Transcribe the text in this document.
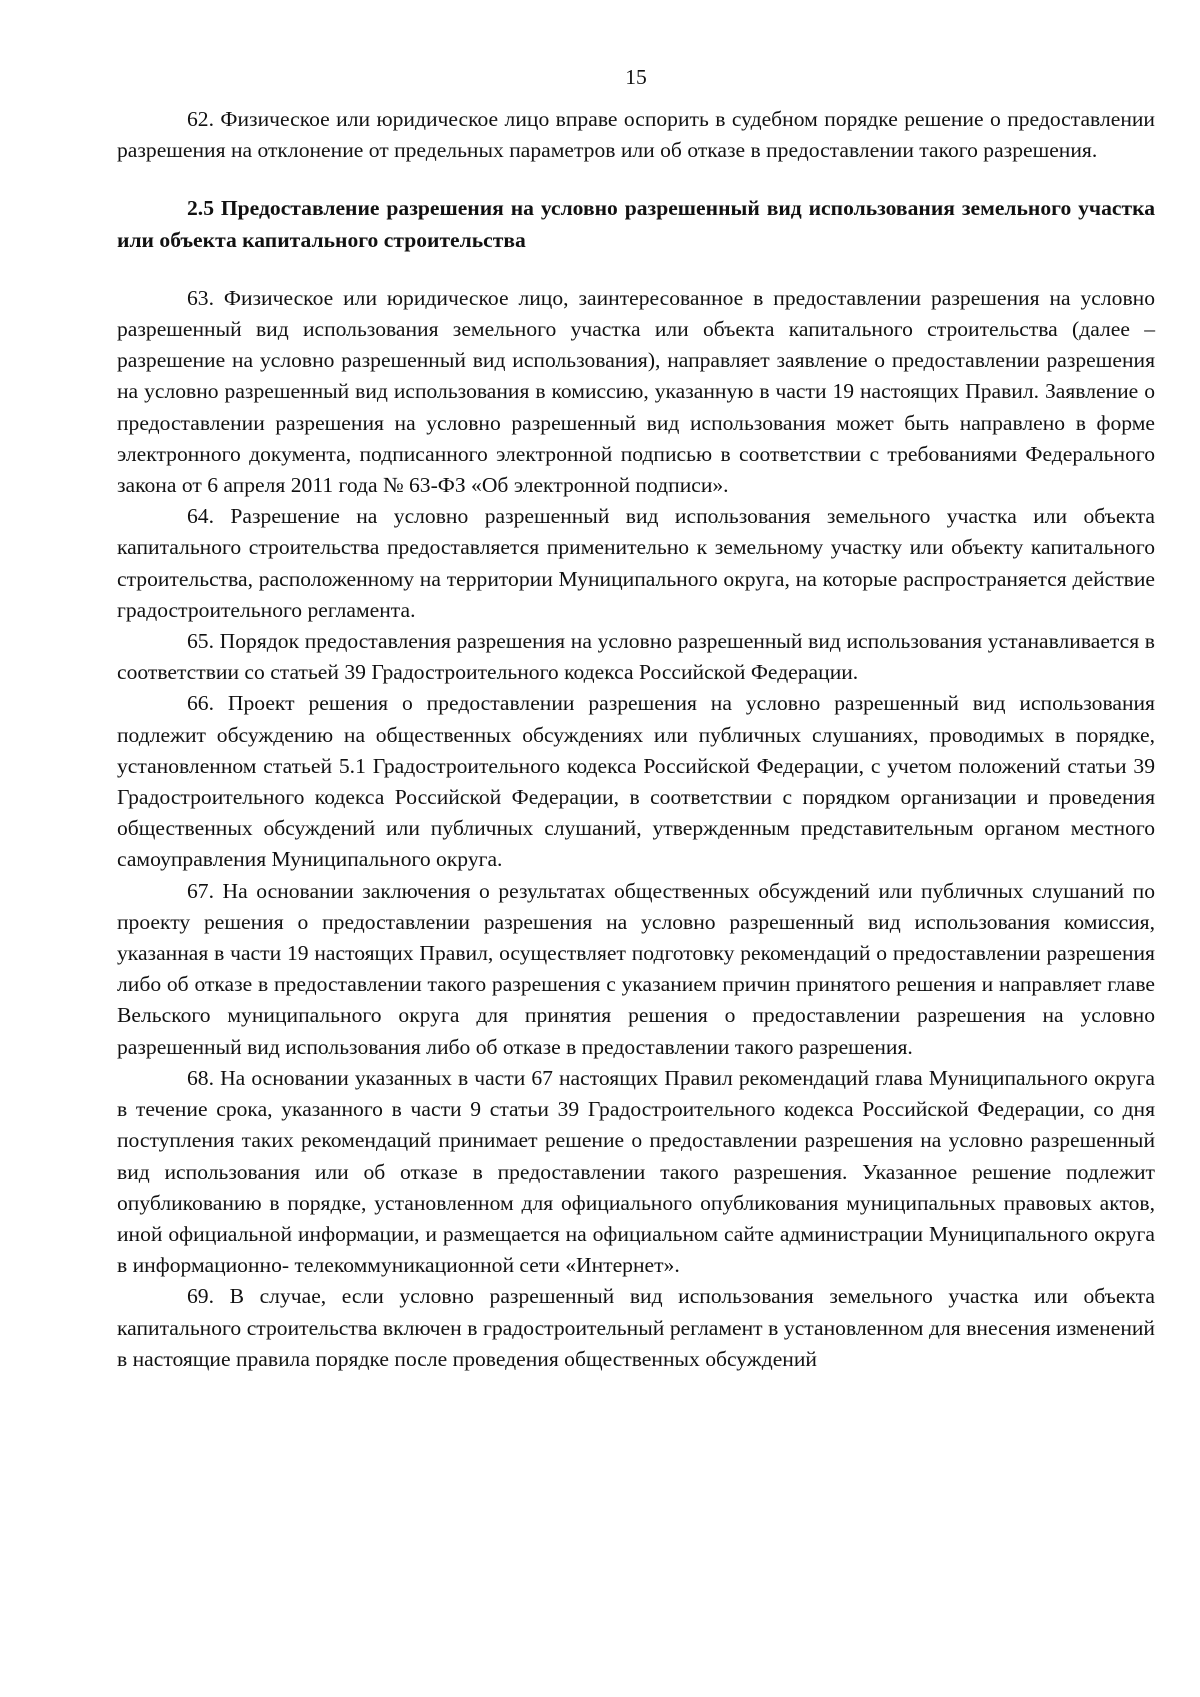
15

62. Физическое или юридическое лицо вправе оспорить в судебном порядке решение о предоставлении разрешения на отклонение от предельных параметров или об отказе в предоставлении такого разрешения.

2.5 Предоставление разрешения на условно разрешенный вид использования земельного участка или объекта капитального строительства

63. Физическое или юридическое лицо, заинтересованное в предоставлении разрешения на условно разрешенный вид использования земельного участка или объекта капитального строительства (далее – разрешение на условно разрешенный вид использования), направляет заявление о предоставлении разрешения на условно разрешенный вид использования в комиссию, указанную в части 19 настоящих Правил. Заявление о предоставлении разрешения на условно разрешенный вид использования может быть направлено в форме электронного документа, подписанного электронной подписью в соответствии с требованиями Федерального закона от 6 апреля 2011 года № 63-ФЗ «Об электронной подписи».

64. Разрешение на условно разрешенный вид использования земельного участка или объекта капитального строительства предоставляется применительно к земельному участку или объекту капитального строительства, расположенному на территории Муниципального округа, на которые распространяется действие градостроительного регламента.

65. Порядок предоставления разрешения на условно разрешенный вид использования устанавливается в соответствии со статьей 39 Градостроительного кодекса Российской Федерации.

66. Проект решения о предоставлении разрешения на условно разрешенный вид использования подлежит обсуждению на общественных обсуждениях или публичных слушаниях, проводимых в порядке, установленном статьей 5.1 Градостроительного кодекса Российской Федерации, с учетом положений статьи 39 Градостроительного кодекса Российской Федерации, в соответствии с порядком организации и проведения общественных обсуждений или публичных слушаний, утвержденным представительным органом местного самоуправления Муниципального округа.

67. На основании заключения о результатах общественных обсуждений или публичных слушаний по проекту решения о предоставлении разрешения на условно разрешенный вид использования комиссия, указанная в части 19 настоящих Правил, осуществляет подготовку рекомендаций о предоставлении разрешения либо об отказе в предоставлении такого разрешения с указанием причин принятого решения и направляет главе Вельского муниципального округа для принятия решения о предоставлении разрешения на условно разрешенный вид использования либо об отказе в предоставлении такого разрешения.

68. На основании указанных в части 67 настоящих Правил рекомендаций глава Муниципального округа в течение срока, указанного в части 9 статьи 39 Градостроительного кодекса Российской Федерации, со дня поступления таких рекомендаций принимает решение о предоставлении разрешения на условно разрешенный вид использования или об отказе в предоставлении такого разрешения. Указанное решение подлежит опубликованию в порядке, установленном для официального опубликования муниципальных правовых актов, иной официальной информации, и размещается на официальном сайте администрации Муниципального округа в информационно- телекоммуникационной сети «Интернет».

69. В случае, если условно разрешенный вид использования земельного участка или объекта капитального строительства включен в градостроительный регламент в установленном для внесения изменений в настоящие правила порядке после проведения общественных обсуждений
